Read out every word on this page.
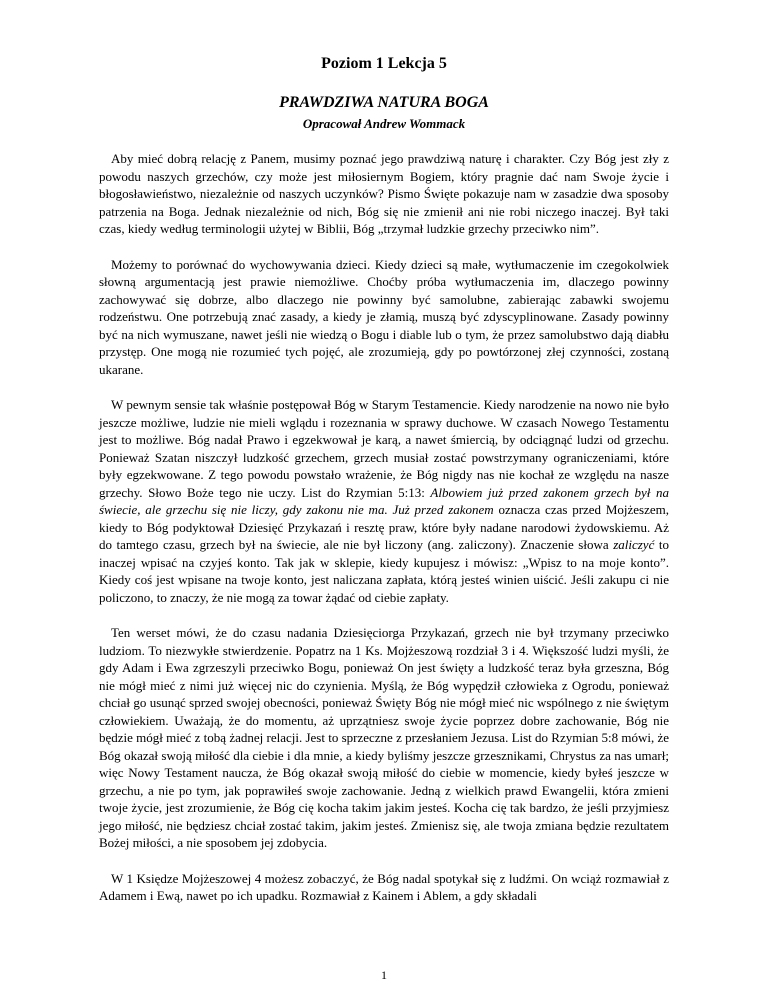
Poziom 1 Lekcja 5
PRAWDZIWA NATURA BOGA
Opracował Andrew Wommack

Aby mieć dobrą relację z Panem, musimy poznać jego prawdziwą naturę i charakter. Czy Bóg jest zły z powodu naszych grzechów, czy może jest miłosiernym Bogiem, który pragnie dać nam Swoje życie i błogosławieństwo, niezależnie od naszych uczynków? Pismo Święte pokazuje nam w zasadzie dwa sposoby patrzenia na Boga. Jednak niezależnie od nich, Bóg się nie zmienił ani nie robi niczego inaczej. Był taki czas, kiedy według terminologii użytej w Biblii, Bóg „trzymał ludzkie grzechy przeciwko nim”.

Możemy to porównać do wychowywania dzieci. Kiedy dzieci są małe, wytłumaczenie im czegokolwiek słowną argumentacją jest prawie niemożliwe. Choćby próba wytłumaczenia im, dlaczego powinny zachowywać się dobrze, albo dlaczego nie powinny być samolubne, zabierając zabawki swojemu rodzeństwu. One potrzebują znać zasady, a kiedy je złamią, muszą być zdyscyplinowane. Zasady powinny być na nich wymuszane, nawet jeśli nie wiedzą o Bogu i diable lub o tym, że przez samolubstwo dają diabłu przystęp. One mogą nie rozumieć tych pojęć, ale zrozumieją, gdy po powtórzonej złej czynności, zostaną ukarane.

W pewnym sensie tak właśnie postępował Bóg w Starym Testamencie. Kiedy narodzenie na nowo nie było jeszcze możliwe, ludzie nie mieli wglądu i rozeznania w sprawy duchowe. W czasach Nowego Testamentu jest to możliwe. Bóg nadał Prawo i egzekwował je karą, a nawet śmiercią, by odciągnąć ludzi od grzechu. Ponieważ Szatan niszczył ludzkość grzechem, grzech musiał zostać powstrzymany ograniczeniami, które były egzekwowane. Z tego powodu powstało wrażenie, że Bóg nigdy nas nie kochał ze względu na nasze grzechy. Słowo Boże tego nie uczy. List do Rzymian 5:13: Albowiem już przed zakonem grzech był na świecie, ale grzechu się nie liczy, gdy zakonu nie ma. Już przed zakonem oznacza czas przed Mojżeszem, kiedy to Bóg podyktował Dziesięć Przykazań i resztę praw, które były nadane narodowi żydowskiemu. Aż do tamtego czasu, grzech był na świecie, ale nie był liczony (ang. zaliczony). Znaczenie słowa zaliczyć to inaczej wpisać na czyjeś konto. Tak jak w sklepie, kiedy kupujesz i mówisz: „Wpisz to na moje konto”. Kiedy coś jest wpisane na twoje konto, jest naliczana zapłata, którą jesteś winien uiścić. Jeśli zakupu ci nie policzono, to znaczy, że nie mogą za towar żądać od ciebie zapłaty.

Ten werset mówi, że do czasu nadania Dziesięciorga Przykazań, grzech nie był trzymany przeciwko ludziom. To niezwykłe stwierdzenie. Popatrz na 1 Ks. Mojżeszową rozdział 3 i 4. Większość ludzi myśli, że gdy Adam i Ewa zgrzeszyli przeciwko Bogu, ponieważ On jest święty a ludzkość teraz była grzeszna, Bóg nie mógł mieć z nimi już więcej nic do czynienia. Myślą, że Bóg wypędził człowieka z Ogrodu, ponieważ chciał go usunąć sprzed swojej obecności, ponieważ Święty Bóg nie mógł mieć nic wspólnego z nie świętym człowiekiem. Uważają, że do momentu, aż uprzątniesz swoje życie poprzez dobre zachowanie, Bóg nie będzie mógł mieć z tobą żadnej relacji. Jest to sprzeczne z przesłaniem Jezusa. List do Rzymian 5:8 mówi, że Bóg okazał swoją miłość dla ciebie i dla mnie, a kiedy byliśmy jeszcze grzesznikami, Chrystus za nas umarł; więc Nowy Testament naucza, że Bóg okazał swoją miłość do ciebie w momencie, kiedy byłeś jeszcze w grzechu, a nie po tym, jak poprawiłeś swoje zachowanie. Jedną z wielkich prawd Ewangelii, która zmieni twoje życie, jest zrozumienie, że Bóg cię kocha takim jakim jesteś. Kocha cię tak bardzo, że jeśli przyjmiesz jego miłość, nie będziesz chciał zostać takim, jakim jesteś. Zmienisz się, ale twoja zmiana będzie rezultatem Bożej miłości, a nie sposobem jej zdobycia.

W 1 Księdze Mojżeszowej 4 możesz zobaczyć, że Bóg nadal spotykał się z ludźmi. On wciąż rozmawiał z Adamem i Ewą, nawet po ich upadku. Rozmawiał z Kainem i Ablem, a gdy składali

1
